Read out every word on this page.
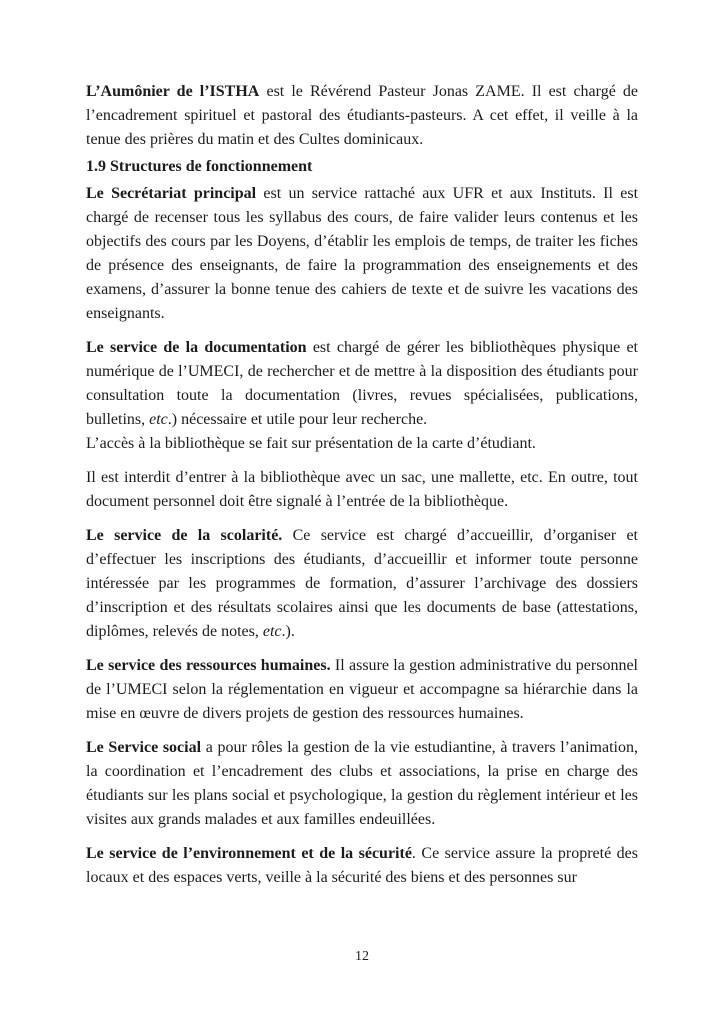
L’Aumônier de l’ISTHA est le Révérend Pasteur Jonas ZAME. Il est chargé de l’encadrement spirituel et pastoral des étudiants-pasteurs. A cet effet, il veille à la tenue des prières du matin et des Cultes dominicaux.

1.9 Structures de fonctionnement

Le Secrétariat principal est un service rattaché aux UFR et aux Instituts. Il est chargé de recenser tous les syllabus des cours, de faire valider leurs contenus et les objectifs des cours par les Doyens, d’établir les emplois de temps, de traiter les fiches de présence des enseignants, de faire la programmation des enseignements et des examens, d’assurer la bonne tenue des cahiers de texte et de suivre les vacations des enseignants.

Le service de la documentation est chargé de gérer les bibliothèques physique et numérique de l’UMECI, de rechercher et de mettre à la disposition des étudiants pour consultation toute la documentation (livres, revues spécialisées, publications, bulletins, etc.) nécessaire et utile pour leur recherche.
L’accès à la bibliothèque se fait sur présentation de la carte d’étudiant.

Il est interdit d’entrer à la bibliothèque avec un sac, une mallette, etc. En outre, tout document personnel doit être signalé à l’entrée de la bibliothèque.

Le service de la scolarité. Ce service est chargé d’accueillir, d’organiser et d’effectuer les inscriptions des étudiants, d’accueillir et informer toute personne intéressée par les programmes de formation, d’assurer l’archivage des dossiers d’inscription et des résultats scolaires ainsi que les documents de base (attestations, diplômes, relevés de notes, etc.).

Le service des ressources humaines. Il assure la gestion administrative du personnel de l’UMECI selon la réglementation en vigueur et accompagne sa hiérarchie dans la mise en œuvre de divers projets de gestion des ressources humaines.

Le Service social a pour rôles la gestion de la vie estudiantine, à travers l’animation, la coordination et l’encadrement des clubs et associations, la prise en charge des étudiants sur les plans social et psychologique, la gestion du règlement intérieur et les visites aux grands malades et aux familles endeuillées.

Le service de l’environnement et de la sécurité. Ce service assure la propreté des locaux et des espaces verts, veille à la sécurité des biens et des personnes sur

12
